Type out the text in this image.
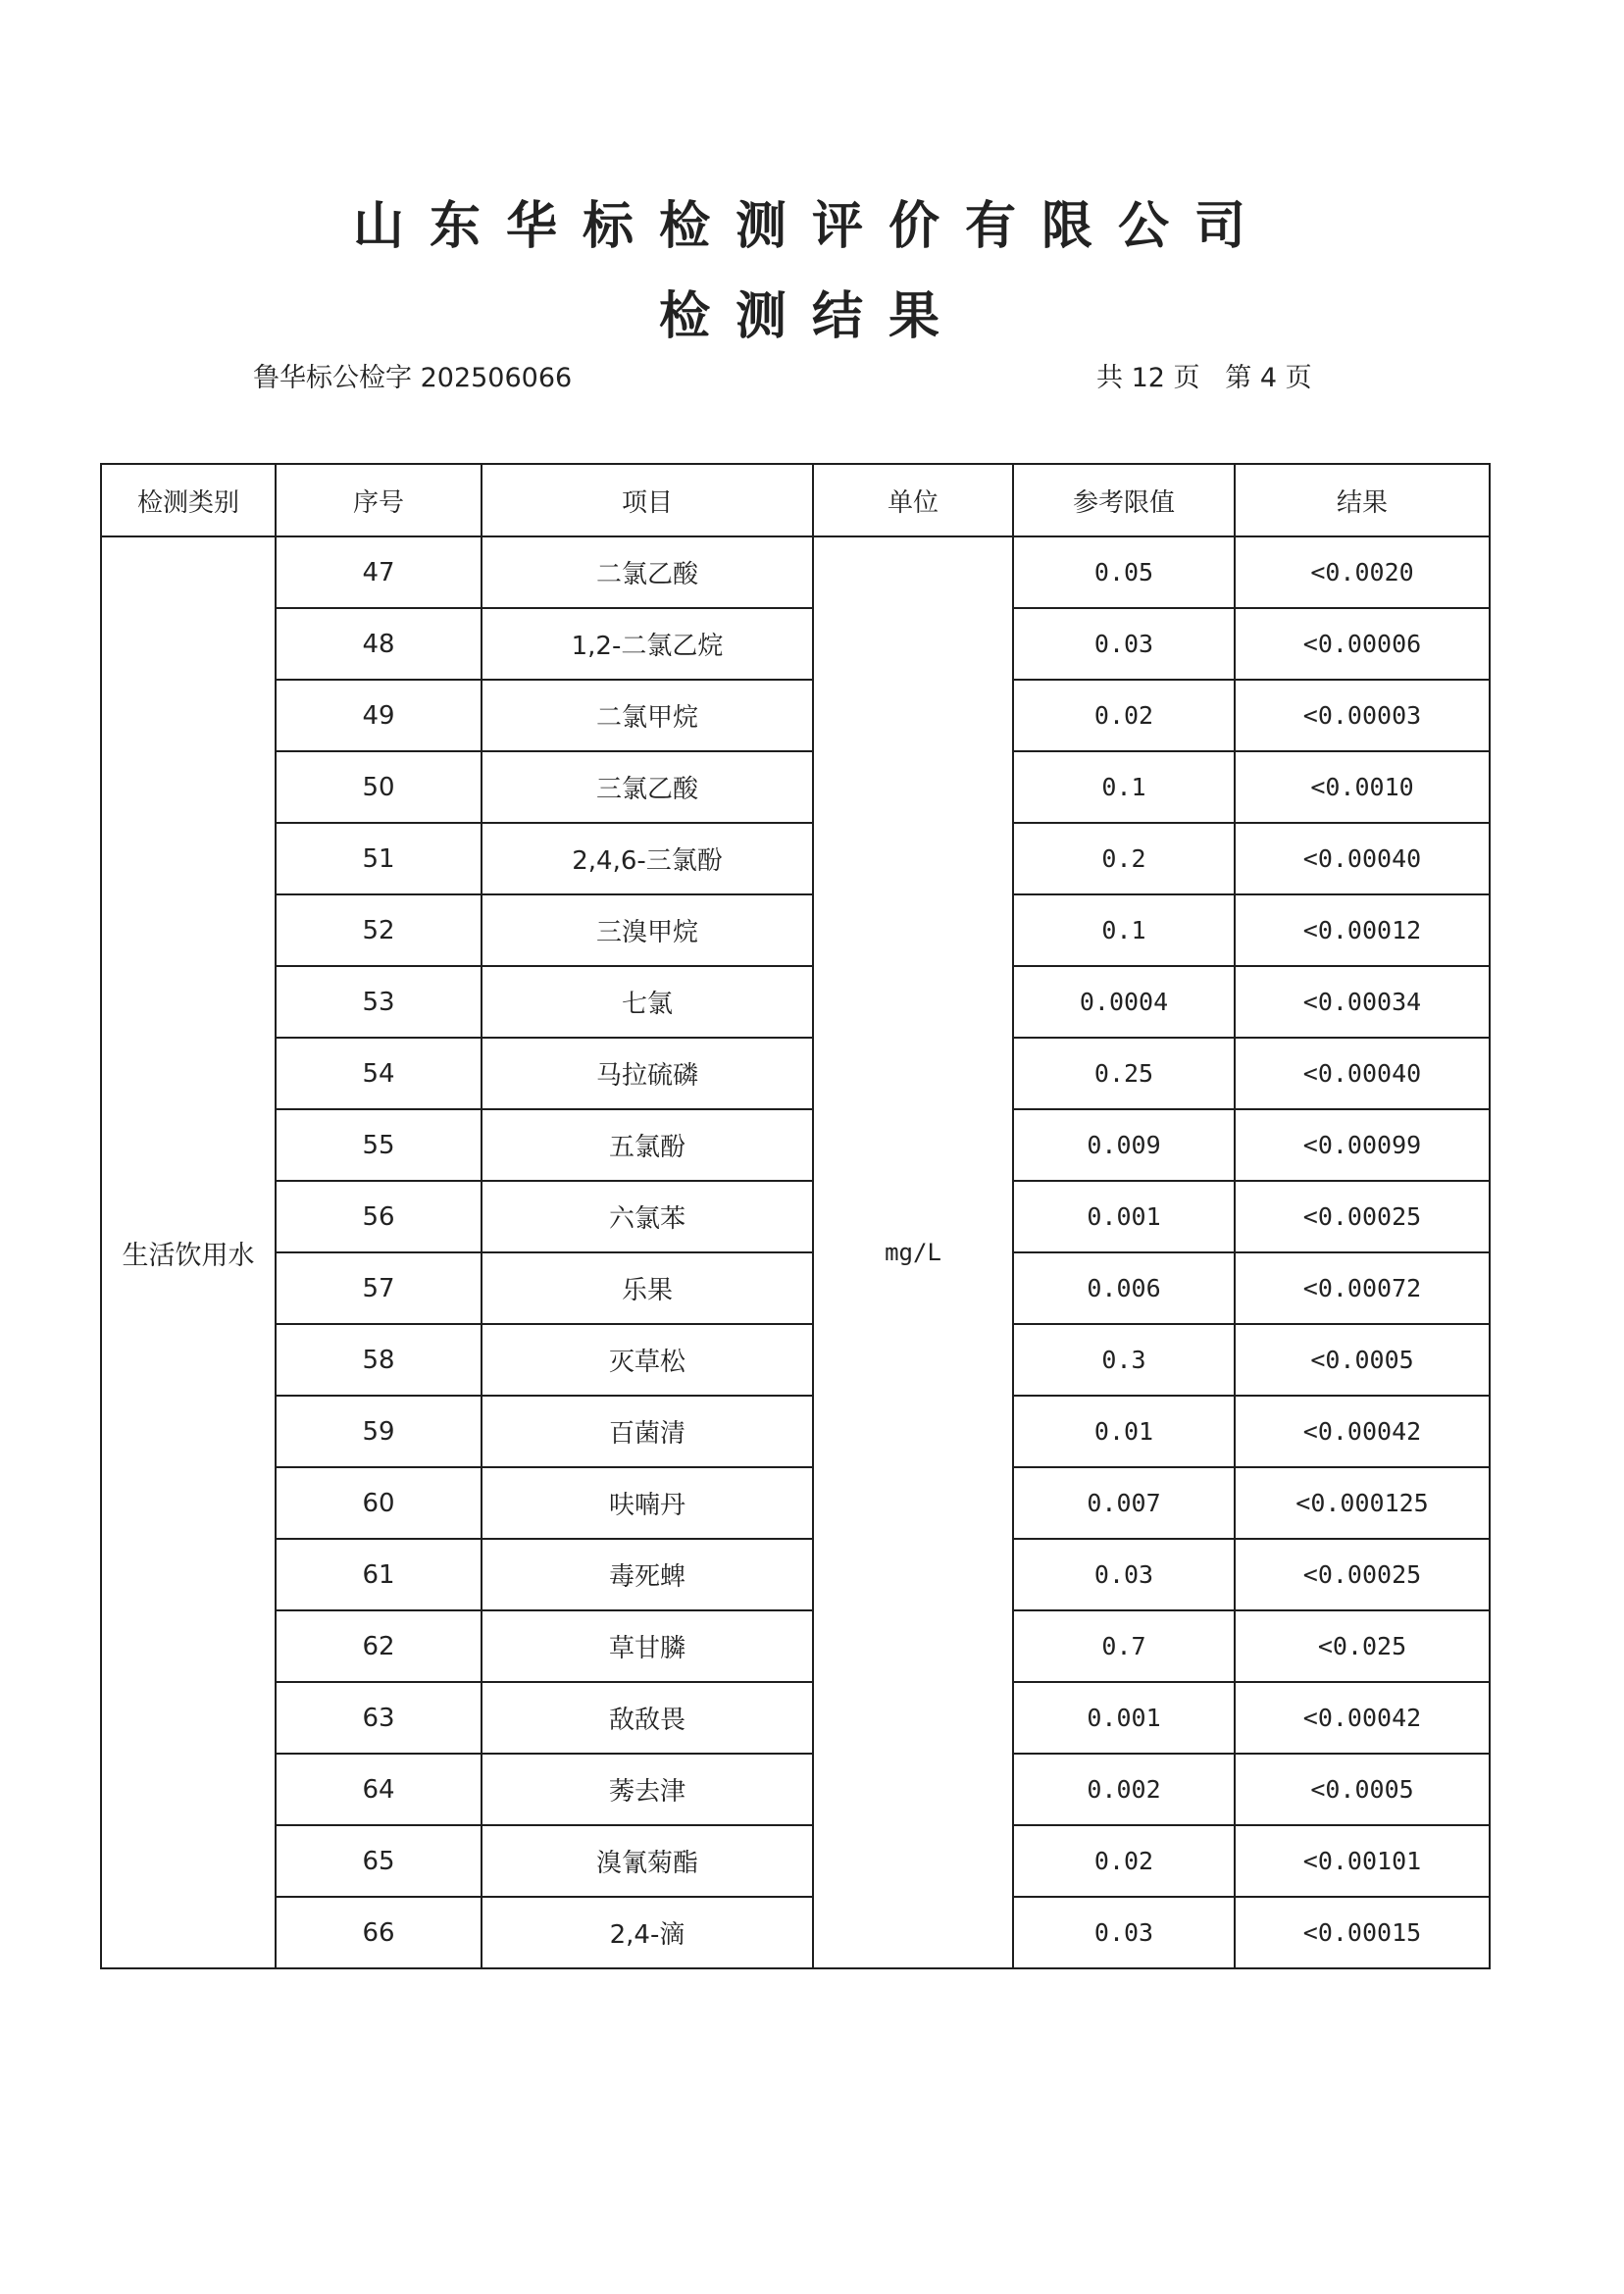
山东华标检测评价有限公司
检测结果
鲁华标公检字 202506066	共 12 页   第 4 页
检测类别	序号	项目	单位	参考限值	结果
生活饮用水	47	二氯乙酸	mg/L	0.05	<0.0020
	48	1,2-二氯乙烷		0.03	<0.00006
	49	二氯甲烷		0.02	<0.00003
	50	三氯乙酸		0.1	<0.0010
	51	2,4,6-三氯酚		0.2	<0.00040
	52	三溴甲烷		0.1	<0.00012
	53	七氯		0.0004	<0.00034
	54	马拉硫磷		0.25	<0.00040
	55	五氯酚		0.009	<0.00099
	56	六氯苯		0.001	<0.00025
	57	乐果		0.006	<0.00072
	58	灭草松		0.3	<0.0005
	59	百菌清		0.01	<0.00042
	60	呋喃丹		0.007	<0.000125
	61	毒死蜱		0.03	<0.00025
	62	草甘膦		0.7	<0.025
	63	敌敌畏		0.001	<0.00042
	64	莠去津		0.002	<0.0005
	65	溴氰菊酯		0.02	<0.00101
	66	2,4-滴		0.03	<0.00015
